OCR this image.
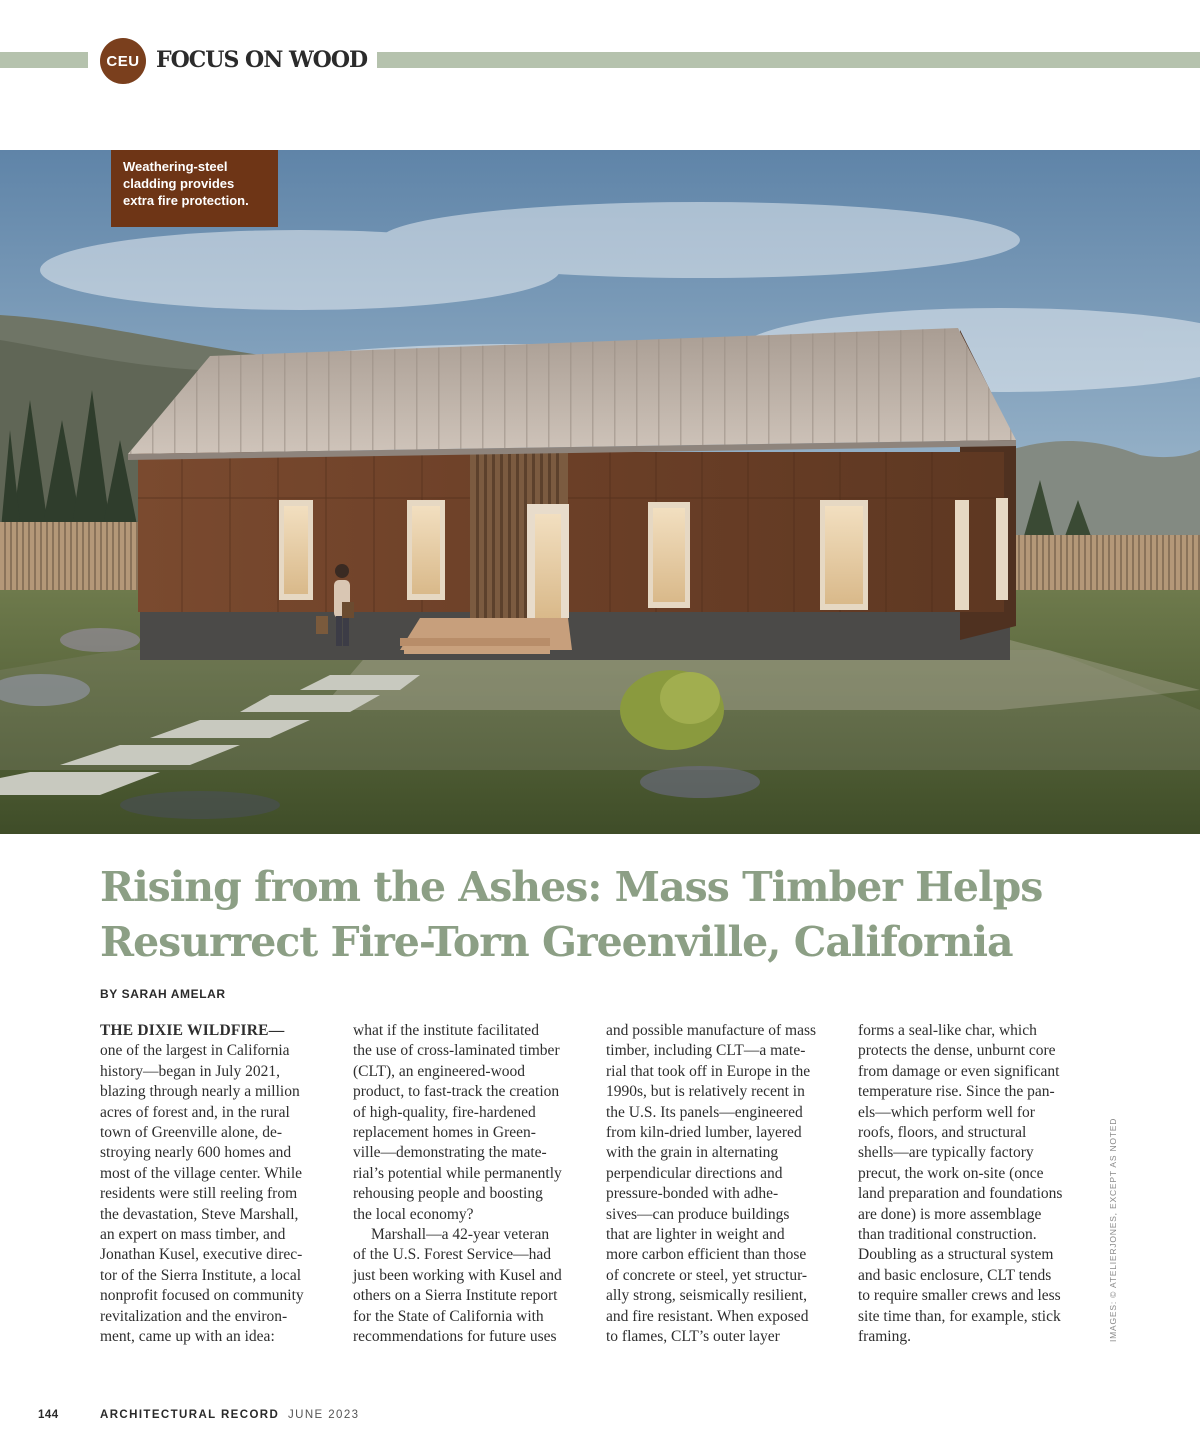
CEU FOCUS ON WOOD
Weathering-steel cladding provides extra fire protection.
Rising from the Ashes: Mass Timber Helps
Resurrect Fire-Torn Greenville, California
BY SARAH AMELAR
THE DIXIE WILDFIRE—
one of the largest in California
history—began in July 2021,
blazing through nearly a million
acres of forest and, in the rural
town of Greenville alone, de-
stroying nearly 600 homes and
most of the village center. While
residents were still reeling from
the devastation, Steve Marshall,
an expert on mass timber, and
Jonathan Kusel, executive direc-
tor of the Sierra Institute, a local
nonprofit focused on community
revitalization and the environ-
ment, came up with an idea:
what if the institute facilitated
the use of cross-laminated timber
(CLT), an engineered-wood
product, to fast-track the creation
of high-quality, fire-hardened
replacement homes in Green-
ville—demonstrating the mate-
rial’s potential while permanently
rehousing people and boosting
the local economy?
Marshall—a 42-year veteran
of the U.S. Forest Service—had
just been working with Kusel and
others on a Sierra Institute report
for the State of California with
recommendations for future uses
and possible manufacture of mass
timber, including CLT—a mate-
rial that took off in Europe in the
1990s, but is relatively recent in
the U.S. Its panels—engineered
from kiln-dried lumber, layered
with the grain in alternating
perpendicular directions and
pressure-bonded with adhe-
sives—can produce buildings
that are lighter in weight and
more carbon efficient than those
of concrete or steel, yet structur-
ally strong, seismically resilient,
and fire resistant. When exposed
to flames, CLT’s outer layer
forms a seal-like char, which
protects the dense, unburnt core
from damage or even significant
temperature rise. Since the pan-
els—which perform well for
roofs, floors, and structural
shells—are typically factory
precut, the work on-site (once
land preparation and foundations
are done) is more assemblage
than traditional construction.
Doubling as a structural system
and basic enclosure, CLT tends
to require smaller crews and less
site time than, for example, stick
framing.	IMAGES: © ATELIERJONES, EXCEPT AS NOTED
144	ARCHITECTURAL RECORD JUNE 2023
